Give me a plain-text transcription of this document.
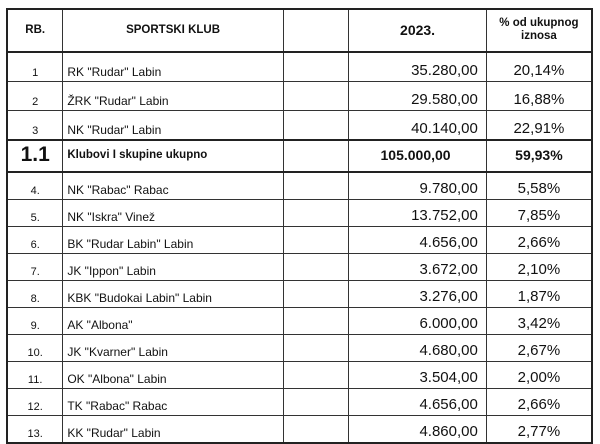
RB.	SPORTSKI KLUB		2023.	% od ukupnog iznosa
1	RK "Rudar" Labin		35.280,00	20,14%
2	ŽRK "Rudar" Labin		29.580,00	16,88%
3	NK "Rudar" Labin		40.140,00	22,91%
1.1	Klubovi I skupine ukupno		105.000,00	59,93%
4.	NK "Rabac" Rabac		9.780,00	5,58%
5.	NK "Iskra" Vinež		13.752,00	7,85%
6.	BK "Rudar Labin" Labin		4.656,00	2,66%
7.	JK "Ippon" Labin		3.672,00	2,10%
8.	KBK "Budokai Labin" Labin		3.276,00	1,87%
9.	AK "Albona"		6.000,00	3,42%
10.	JK "Kvarner" Labin		4.680,00	2,67%
11.	OK "Albona" Labin		3.504,00	2,00%
12.	TK "Rabac" Rabac		4.656,00	2,66%
13.	KK "Rudar" Labin		4.860,00	2,77%
